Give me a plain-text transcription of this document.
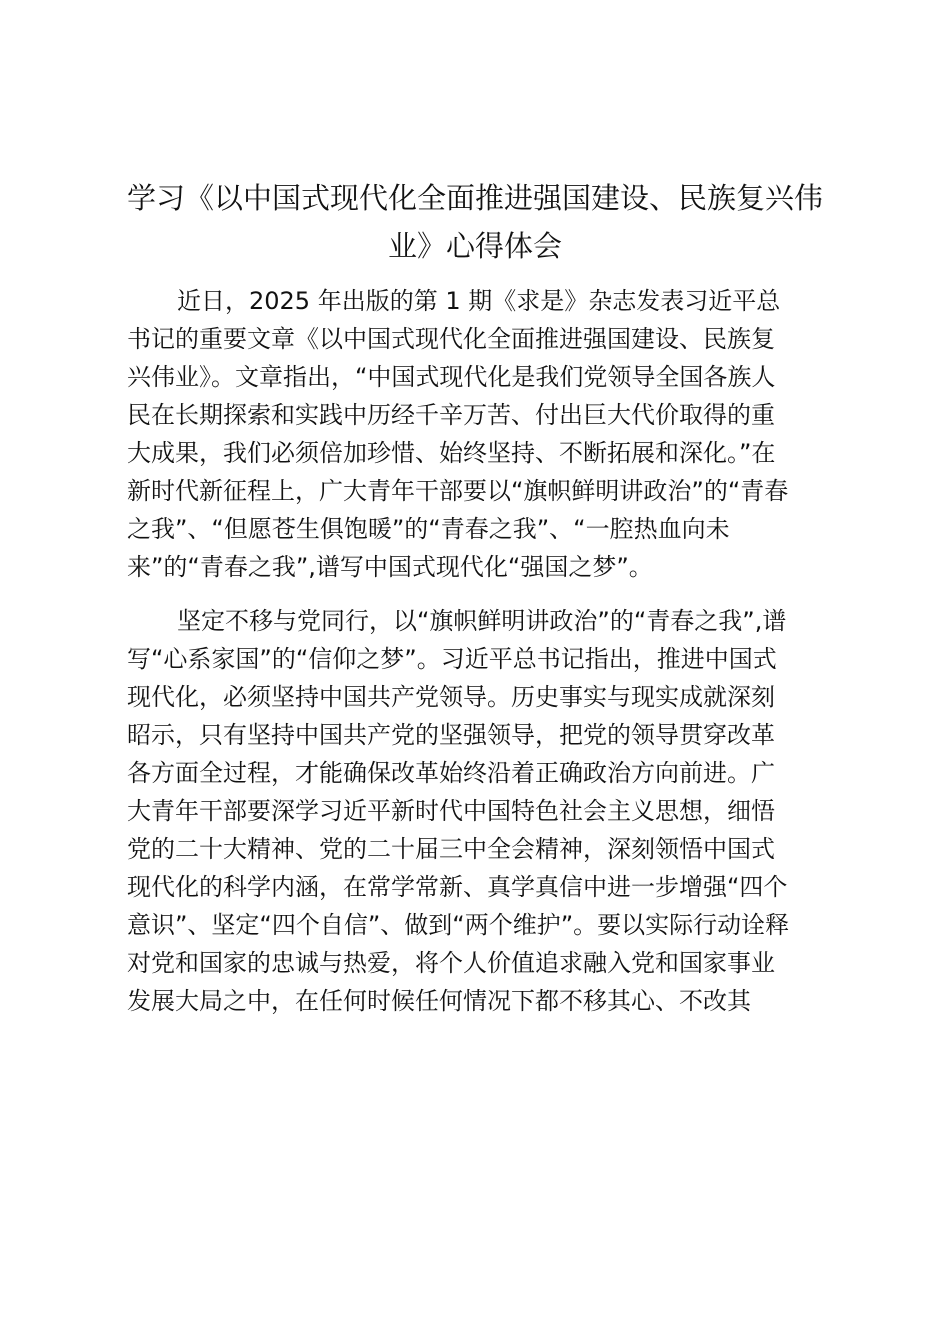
学习《以中国式现代化全面推进强国建设、民族复兴伟
业》心得体会

近日，2025 年出版的第 1 期《求是》杂志发表习近平总
书记的重要文章《以中国式现代化全面推进强国建设、民族复
兴伟业》。文章指出，“中国式现代化是我们党领导全国各族人
民在长期探索和实践中历经千辛万苦、付出巨大代价取得的重
大成果，我们必须倍加珍惜、始终坚持、不断拓展和深化。”在
新时代新征程上，广大青年干部要以“旗帜鲜明讲政治”的“青春
之我”、“但愿苍生俱饱暖”的“青春之我”、“一腔热血向未
来”的“青春之我”,谱写中国式现代化“强国之梦”。

坚定不移与党同行，以“旗帜鲜明讲政治”的“青春之我”,谱
写“心系家国”的“信仰之梦”。习近平总书记指出，推进中国式
现代化，必须坚持中国共产党领导。历史事实与现实成就深刻
昭示，只有坚持中国共产党的坚强领导，把党的领导贯穿改革
各方面全过程，才能确保改革始终沿着正确政治方向前进。广
大青年干部要深学习近平新时代中国特色社会主义思想，细悟
党的二十大精神、党的二十届三中全会精神，深刻领悟中国式
现代化的科学内涵，在常学常新、真学真信中进一步增强“四个
意识”、坚定“四个自信”、做到“两个维护”。要以实际行动诠释
对党和国家的忠诚与热爱，将个人价值追求融入党和国家事业
发展大局之中，在任何时候任何情况下都不移其心、不改其
